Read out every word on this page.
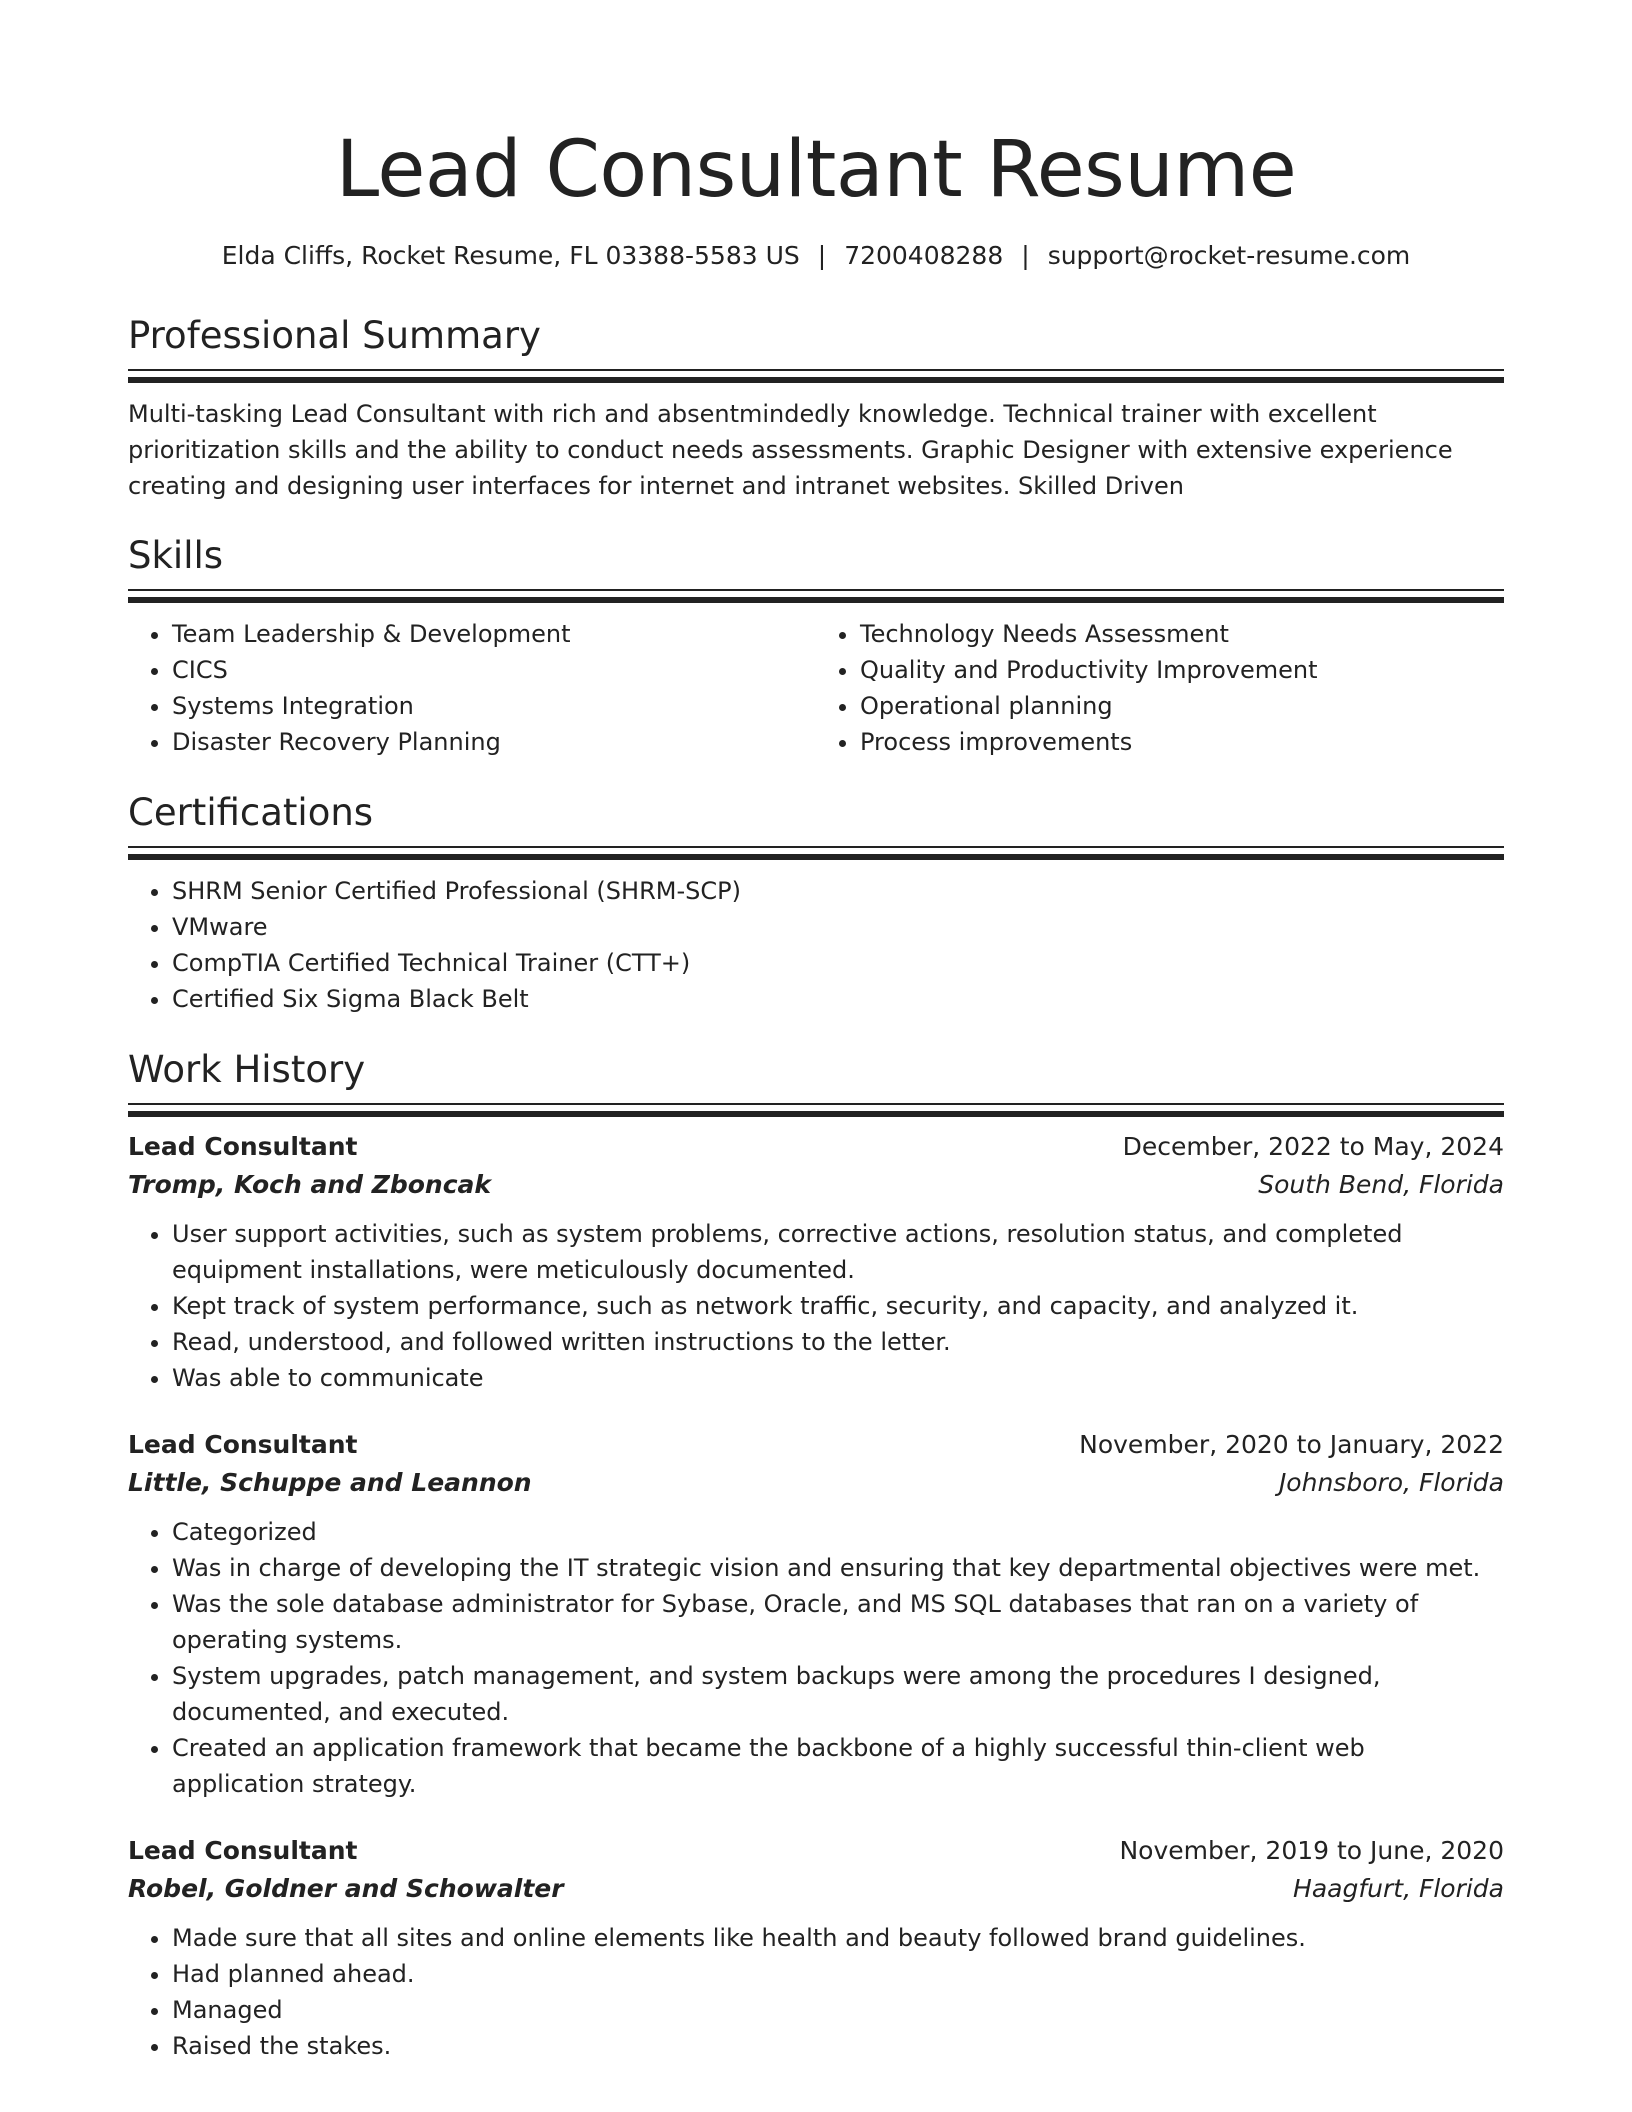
Lead Consultant Resume
Elda Cliffs, Rocket Resume, FL 03388-5583 US | 7200408288 | support@rocket-resume.com
Professional Summary
Multi-tasking Lead Consultant with rich and absentmindedly knowledge. Technical trainer with excellent prioritization skills and the ability to conduct needs assessments. Graphic Designer with extensive experience creating and designing user interfaces for internet and intranet websites. Skilled Driven
Skills
• Team Leadership & Development
• CICS
• Systems Integration
• Disaster Recovery Planning
• Technology Needs Assessment
• Quality and Productivity Improvement
• Operational planning
• Process improvements
Certifications
• SHRM Senior Certified Professional (SHRM-SCP)
• VMware
• CompTIA Certified Technical Trainer (CTT+)
• Certified Six Sigma Black Belt
Work History
Lead Consultant	December, 2022 to May, 2024
Tromp, Koch and Zboncak	South Bend, Florida
• User support activities, such as system problems, corrective actions, resolution status, and completed equipment installations, were meticulously documented.
• Kept track of system performance, such as network traffic, security, and capacity, and analyzed it.
• Read, understood, and followed written instructions to the letter.
• Was able to communicate
Lead Consultant	November, 2020 to January, 2022
Little, Schuppe and Leannon	Johnsboro, Florida
• Categorized
• Was in charge of developing the IT strategic vision and ensuring that key departmental objectives were met.
• Was the sole database administrator for Sybase, Oracle, and MS SQL databases that ran on a variety of operating systems.
• System upgrades, patch management, and system backups were among the procedures I designed, documented, and executed.
• Created an application framework that became the backbone of a highly successful thin-client web application strategy.
Lead Consultant	November, 2019 to June, 2020
Robel, Goldner and Schowalter	Haagfurt, Florida
• Made sure that all sites and online elements like health and beauty followed brand guidelines.
• Had planned ahead.
• Managed
• Raised the stakes.
